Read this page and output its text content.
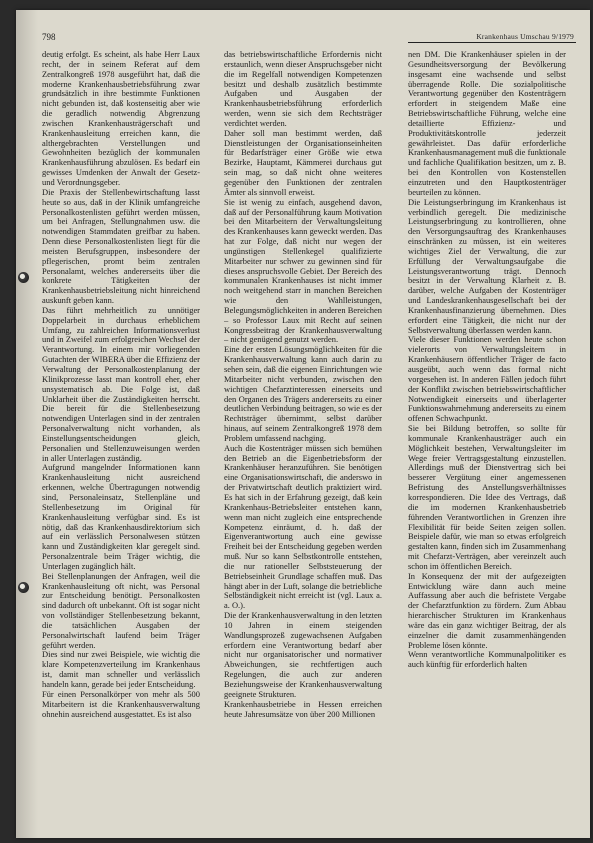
798	Krankenhaus Umschau 9/1979

deutig erfolgt. Es scheint, als habe Herr Laux recht, der in seinem Referat auf dem Zentralkongreß 1978 ausgeführt hat, daß die moderne Krankenhausbetriebsführung zwar grundsätzlich in ihre bestimmte Funktionen nicht gebunden ist, daß kostenseitig aber wie die geradlich notwendig Abgrenzung zwischen Krankenhausträgerschaft und Krankenhausleitung erreichen kann, die althergebrachten Verstellungen und Gewohnheiten bezüglich der kommunalen Krankenhausführung abzulösen. Es bedarf ein gewisses Umdenken der Anwalt der Gesetz- und Verordnungsgeber.

Die Praxis der Stellenbewirtschaftung lasst heute so aus, daß in der Klinik umfangreiche Personalkostenlisten geführt werden müssen, um bei Anfragen, Stellungnahmen usw. die notwendigen Stammdaten greifbar zu haben. Denn diese Personalkostenlisten liegt für die meisten Berufsgruppen, insbesondere der pflegerischen, promt beim zentralen Personalamt, welches andererseits über die konkrete Tätigkeiten der Krankenhausbetriebsleitung nicht hinreichend auskunft geben kann.

Das führt mehrheitlich zu unnötiger Doppelarbeit in durchaus erheblichem Umfang, zu zahlreichen Informationsverlust und in Zweifel zum erfolgreichen Wechsel der Verantwortung. In einem mir vorliegenden Gutachten der WIBERA über die Effizienz der Verwaltung der Personalkostenplanung der Klinikprozesse lasst man kontroll eher, eher unsystematisch ab. Die Folge ist, daß Unklarheit über die Zuständigkeiten herrscht. Die bereit für die Stellenbesetzung notwendigen Unterlagen sind in der zentralen Personalverwaltung nicht vorhanden, als Einstellungsentscheidungen gleich, Personalien und Stellenzuweisungen werden in aller Unterlagen zuständig.

Aufgrund mangelnder Informationen kann Krankenhausleitung nicht ausreichend erkennen, welche Übertragungen notwendig sind, Personaleinsatz, Stellenpläne und Stellenbesetzung im Original für Krankenhausleitung verfügbar sind. Es ist nötig, daß das Krankenhausdirektorium sich auf ein verlässlich Personalwesen stützen kann und Zuständigkeiten klar geregelt sind. Personalzentrale beim Träger wichtig, die Unterlagen zugänglich hält.

Bei Stellenplanungen der Anfragen, weil die Krankenhausleitung oft nicht, was Personal zur Entscheidung benötigt. Personalkosten sind dadurch oft unbekannt. Oft ist sogar nicht von vollständiger Stellenbesetzung bekannt, die tatsächlichen Ausgaben der Personalwirtschaft laufend beim Träger geführt werden.

Dies sind nur zwei Beispiele, wie wichtig die klare Kompetenzverteilung im Krankenhaus ist, damit man schneller und verlässlich handeln kann, gerade bei jeder Entscheidung.

Für einen Personalkörper von mehr als 500 Mitarbeitern ist die Krankenhausverwaltung ohnehin ausreichend ausgestattet. Es ist also

das betriebswirtschaftliche Erfordernis nicht erstaunlich, wenn dieser Anspruchsgeber nicht die im Regelfall notwendigen Kompetenzen besitzt und deshalb zusätzlich bestimmte Aufgaben und Ausgaben der Krankenhausbetriebsführung erforderlich werden, wenn sie sich dem Rechtsträger verdichtet werden.

Daher soll man bestimmt werden, daß Dienstleistungen der Organisationseinheiten für Bedarfsträger einer Größe wie etwa Bezirke, Hauptamt, Kämmerei durchaus gut sein mag, so daß nicht ohne weiteres gegenüber den Funktionen der zentralen Ämter als sinnvoll erweist.

Sie ist wenig zu einfach, ausgehend davon, daß auf der Personalführung kaum Motivation bei den Mitarbeitern der Verwaltungsleitung des Krankenhauses kann geweckt werden. Das hat zur Folge, daß nicht nur wegen der ungünstigen Stellenkegel qualifizierte Mitarbeiter nur schwer zu gewinnen sind für dieses anspruchsvolle Gebiet. Der Bereich des kommunalen Krankenhauses ist nicht immer noch weitgehend starr in manchen Bereichen wie den Wahlleistungen, Belegungsmöglichkeiten in anderen Bereichen – so Professor Laux mit Recht auf seinen Kongressbeitrag der Krankenhausverwaltung – nicht genügend genutzt werden.

Eine der ersten Lösungsmöglichkeiten für die Krankenhausverwaltung kann auch darin zu sehen sein, daß die eigenen Einrichtungen wie Mitarbeiter nicht verbunden, zwischen den wichtigen Chefarztinteressen einerseits und den Organen des Trägers andererseits zu einer deutlichen Verbindung beitragen, so wie es der Rechtsträger übernimmt, selbst darüber hinaus, auf seinem Zentralkongreß 1978 dem Problem umfassend nachging.

Auch die Kostenträger müssen sich bemühen den Betrieb an die Eigenbetriebsform der Krankenhäuser heranzuführen. Sie benötigen eine Organisationswirtschaft, die anderswo in der Privatwirtschaft deutlich praktiziert wird. Es hat sich in der Erfahrung gezeigt, daß kein Krankenhaus-Betriebsleiter entstehen kann, wenn man nicht zugleich eine entsprechende Kompetenz einräumt, d. h. daß der Eigenverantwortung auch eine gewisse Freiheit bei der Entscheidung gegeben werden muß. Nur so kann Selbstkontrolle entstehen, die nur rationeller Selbststeuerung der Betriebseinheit Grundlage schaffen muß. Das hängt aber in der Luft, solange die betriebliche Selbständigkeit nicht erreicht ist (vgl. Laux a. a. O.).

Die der Krankenhausverwaltung in den letzten 10 Jahren in einem steigenden Wandlungsprozeß zugewachsenen Aufgaben erfordern eine Verantwortung bedarf aber nicht nur organisatorischer und normativer Abweichungen, sie rechtfertigen auch Regelungen, die auch zur anderen Beziehungsweise der Krankenhausverwaltung geeignete Strukturen.

Krankenhausbetriebe in Hessen erreichen heute Jahresumsätze von über 200 Millionen

nen DM. Die Krankenhäuser spielen in der Gesundheitsversorgung der Bevölkerung insgesamt eine wachsende und selbst überragende Rolle. Die sozialpolitische Verantwortung gegenüber den Kostenträgern erfordert in steigendem Maße eine Betriebswirtschaftliche Führung, welche eine detaillierte Effizienz- und Produktivitätskontrolle jederzeit gewährleistet. Das dafür erforderliche Krankenhausmanagement muß die funktionale und fachliche Qualifikation besitzen, um z. B. bei den Kontrollen von Kostenstellen einzutreten und den Hauptkostenträger beurteilen zu können.

Die Leistungserbringung im Krankenhaus ist verbindlich geregelt. Die medizinische Leistungserbringung zu kontrollieren, ohne den Versorgungsauftrag des Krankenhauses einschränken zu müssen, ist ein weiteres wichtiges Ziel der Verwaltung, die zur Erfüllung der Verwaltungsaufgabe die Leistungsverantwortung trägt. Dennoch besitzt in der Verwaltung Klarheit z. B. darüber, welche Aufgaben der Kostenträger und Landeskrankenhausgesellschaft bei der Krankenhausfinanzierung übernehmen. Dies erfordert eine Tätigkeit, die nicht nur der Selbstverwaltung überlassen werden kann.

Viele dieser Funktionen werden heute schon vielerorts von Verwaltungsleitern in Krankenhäusern öffentlicher Träger de facto ausgeübt, auch wenn das formal nicht vorgesehen ist. In anderen Fällen jedoch führt der Konflikt zwischen betriebswirtschaftlicher Notwendigkeit einerseits und überlagerter Funktionswahrnehmung andererseits zu einem offenen Schwachpunkt.

Sie bei Bildung betroffen, so sollte für kommunale Krankenhausträger auch ein Möglichkeit bestehen, Verwaltungsleiter im Wege freier Vertragsgestaltung einzustellen. Allerdings muß der Dienstvertrag sich bei besserer Vergütung einer angemessenen Befristung des Anstellungsverhältnisses korrespondieren. Die Idee des Vertrags, daß die im modernen Krankenhausbetrieb führenden Verantwortlichen in Grenzen ihre Flexibilität für beide Seiten zeigen sollen. Beispiele dafür, wie man so etwas erfolgreich gestalten kann, finden sich im Zusammenhang mit Chefarzt-Verträgen, aber vereinzelt auch schon im öffentlichen Bereich.

In Konsequenz der mit der aufgezeigten Entwicklung wäre dann auch meine Auffassung aber auch die befristete Vergabe der Chefarztfunktion zu fördern. Zum Abbau hierarchischer Strukturen im Krankenhaus wäre das ein ganz wichtiger Beitrag, der als einzelner die damit zusammenhängenden Probleme lösen könnte.

Wenn verantwortliche Kommunalpolitiker es auch künftig für erforderlich halten
